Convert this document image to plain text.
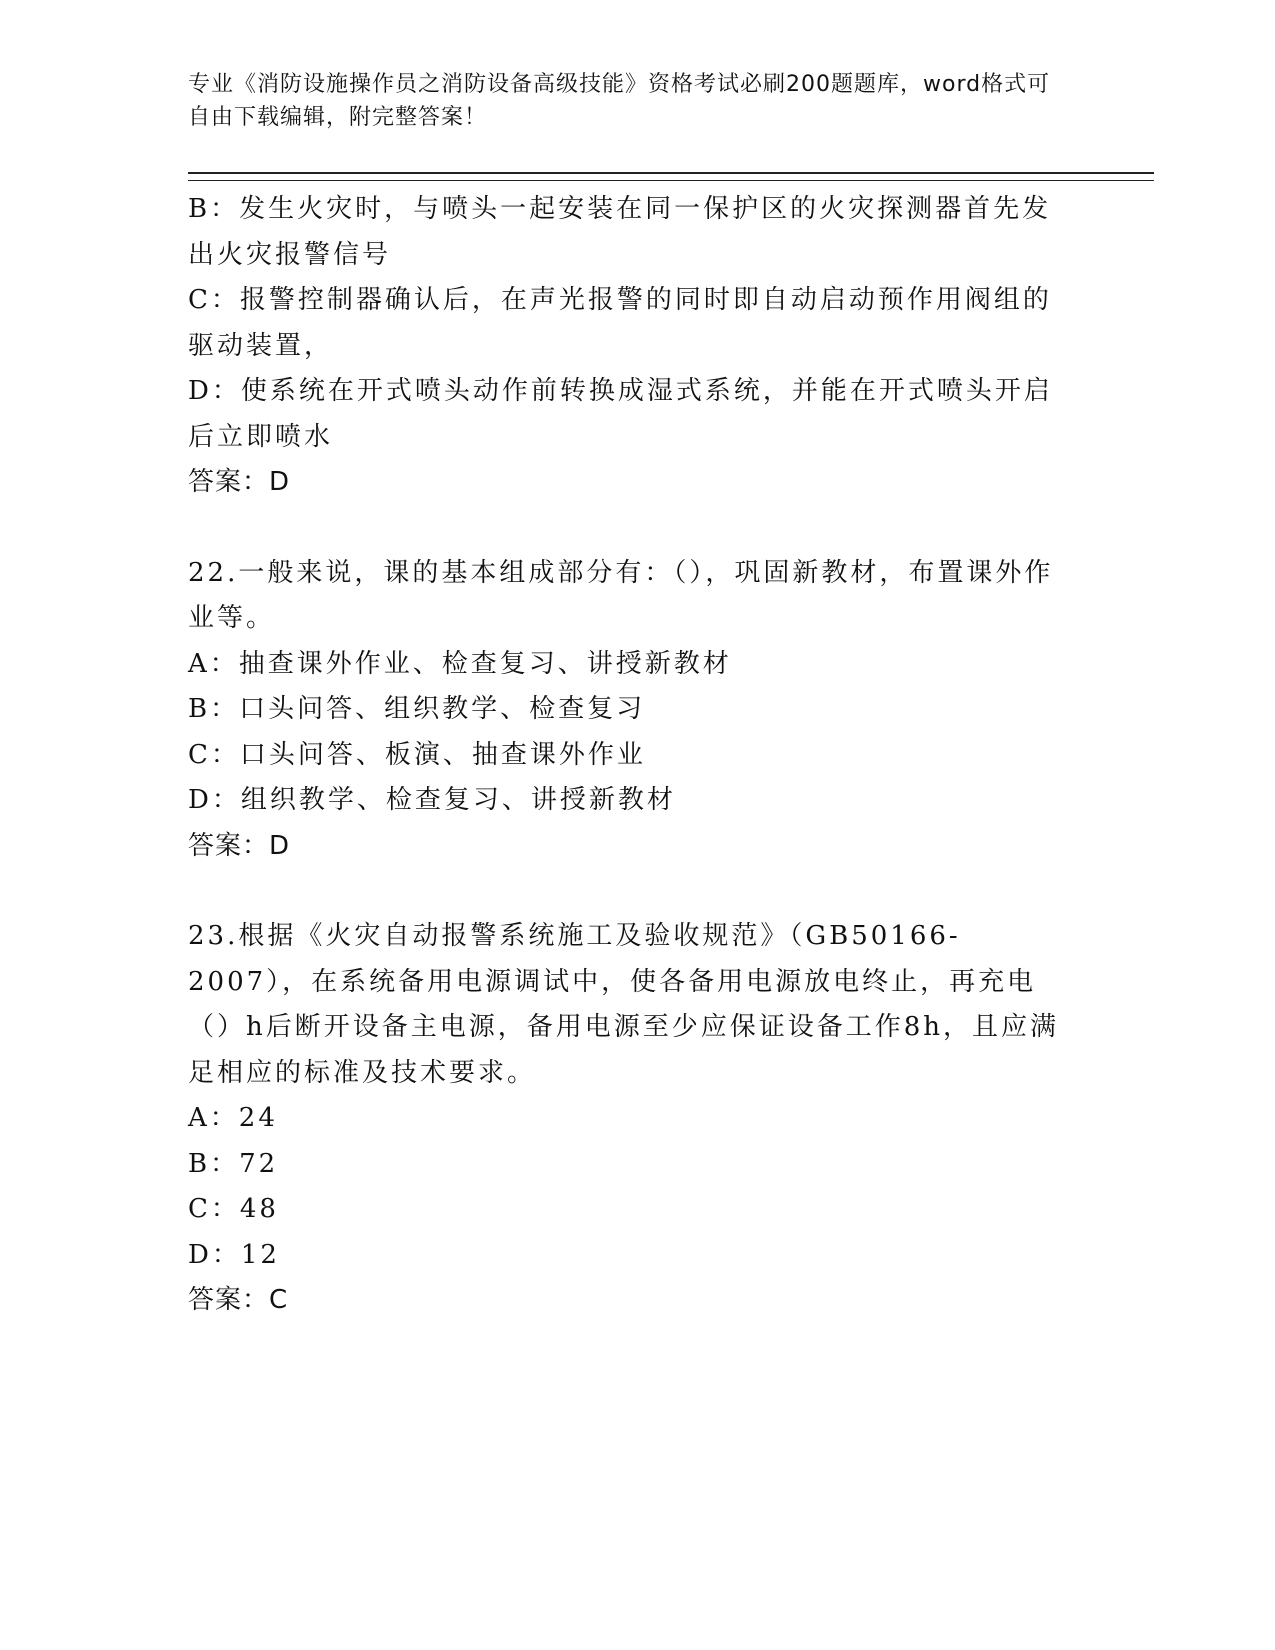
专业《消防设施操作员之消防设备高级技能》资格考试必刷200题题库，word格式可自由下载编辑，附完整答案！

B：发生火灾时，与喷头一起安装在同一保护区的火灾探测器首先发出火灾报警信号

C：报警控制器确认后，在声光报警的同时即自动启动预作用阀组的驱动装置，

D：使系统在开式喷头动作前转换成湿式系统，并能在开式喷头开启后立即喷水

答案：D

22.一般来说，课的基本组成部分有：（），巩固新教材，布置课外作业等。

A：抽查课外作业、检查复习、讲授新教材

B：口头问答、组织教学、检查复习

C：口头问答、板演、抽查课外作业

D：组织教学、检查复习、讲授新教材

答案：D

23.根据《火灾自动报警系统施工及验收规范》（GB50166-2007），在系统备用电源调试中，使各备用电源放电终止，再充电（）h后断开设备主电源，备用电源至少应保证设备工作8h，且应满足相应的标准及技术要求。

A：24

B：72

C：48

D：12

答案：C
